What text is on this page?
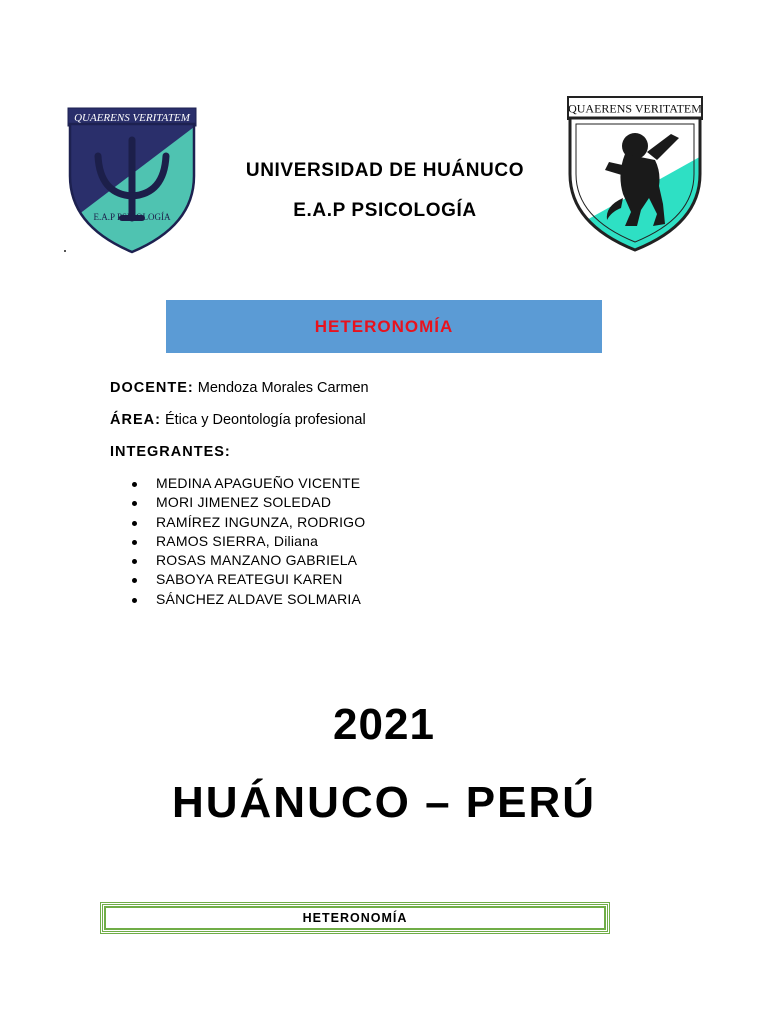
QUAERENS VERITATEM
E.A.P PSICOLOGÍA
QUAERENS VERITATEM
UNIVERSIDAD DE HUÁNUCO
E.A.P PSICOLOGÍA
HETERONOMÍA
DOCENTE: Mendoza Morales Carmen
ÁREA: Ética y Deontología profesional
INTEGRANTES:
MEDINA APAGUEÑO VICENTE
MORI JIMENEZ SOLEDAD
RAMÍREZ INGUNZA, RODRIGO
RAMOS SIERRA, Diliana
ROSAS MANZANO GABRIELA
SABOYA REATEGUI KAREN
SÁNCHEZ ALDAVE SOLMARIA
2021
HUÁNUCO – PERÚ
HETERONOMÍA
